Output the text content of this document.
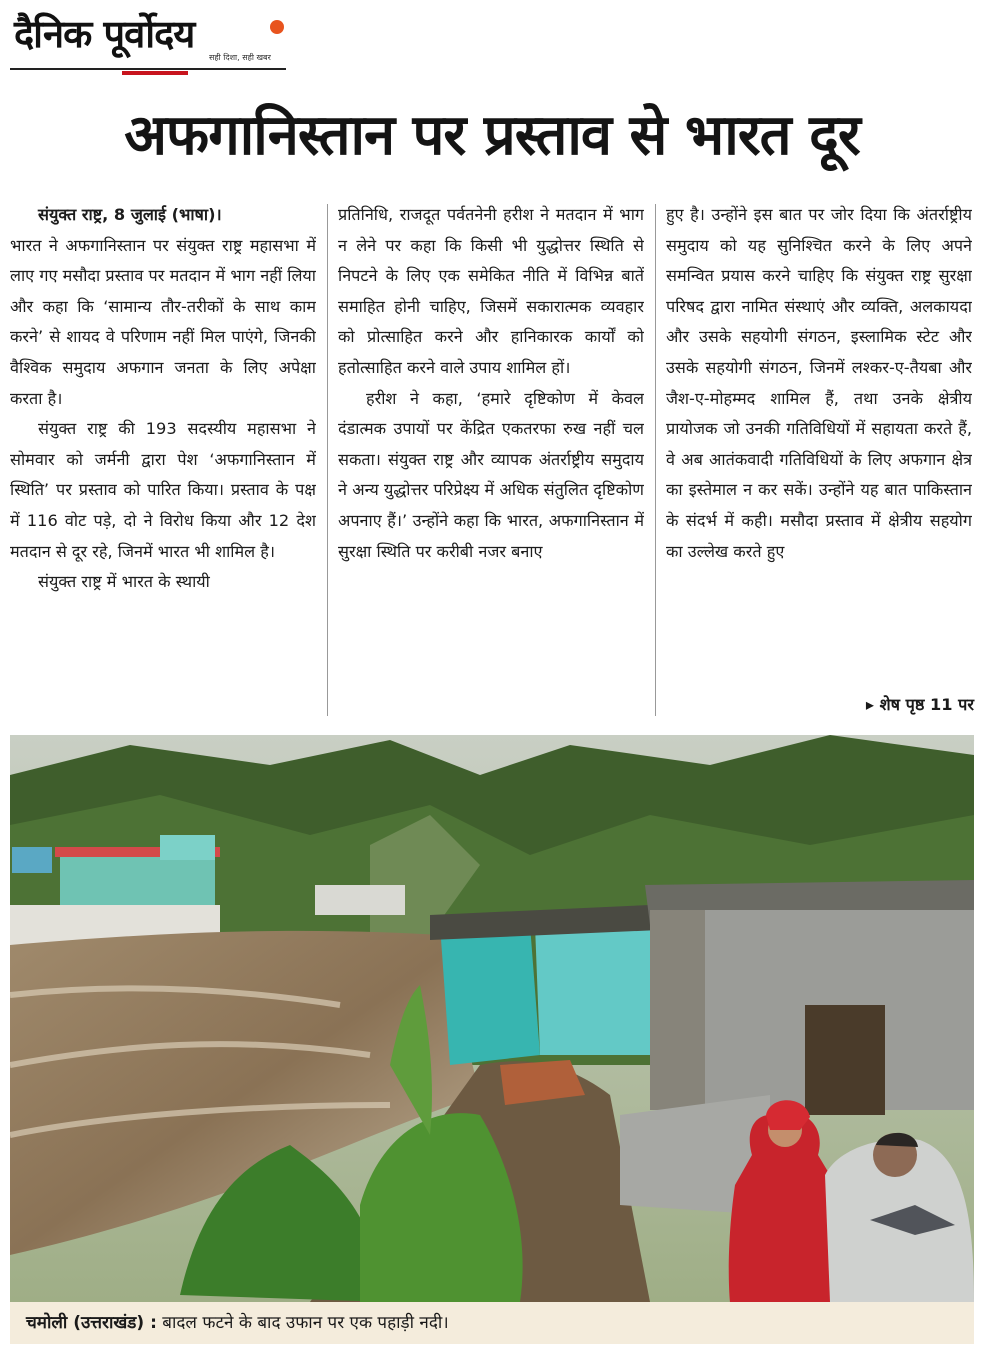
दैनिक पूर्वोदय
सही दिशा, सही खबर
अफगानिस्तान पर प्रस्ताव से भारत दूर

संयुक्त राष्ट्र, 8 जुलाई (भाषा)।

भारत ने अफगानिस्तान पर संयुक्त राष्ट्र महासभा में लाए गए मसौदा प्रस्ताव पर मतदान में भाग नहीं लिया और कहा कि ‘सामान्य तौर-तरीकों के साथ काम करने’ से शायद वे परिणाम नहीं मिल पाएंगे, जिनकी वैश्विक समुदाय अफगान जनता के लिए अपेक्षा करता है।

संयुक्त राष्ट्र की 193 सदस्यीय महासभा ने सोमवार को जर्मनी द्वारा पेश ‘अफगानिस्तान में स्थिति’ पर प्रस्ताव को पारित किया। प्रस्ताव के पक्ष में 116 वोट पड़े, दो ने विरोध किया और 12 देश मतदान से दूर रहे, जिनमें भारत भी शामिल है।

संयुक्त राष्ट्र में भारत के स्थायी

प्रतिनिधि, राजदूत पर्वतनेनी हरीश ने मतदान में भाग न लेने पर कहा कि किसी भी युद्धोत्तर स्थिति से निपटने के लिए एक समेकित नीति में विभिन्न बातें समाहित होनी चाहिए, जिसमें सकारात्मक व्यवहार को प्रोत्साहित करने और हानिकारक कार्यों को हतोत्साहित करने वाले उपाय शामिल हों।

हरीश ने कहा, ‘हमारे दृष्टिकोण में केवल दंडात्मक उपायों पर केंद्रित एकतरफा रुख नहीं चल सकता। संयुक्त राष्ट्र और व्यापक अंतर्राष्ट्रीय समुदाय ने अन्य युद्धोत्तर परिप्रेक्ष्य में अधिक संतुलित दृष्टिकोण अपनाए हैं।’ उन्होंने कहा कि भारत, अफगानिस्तान में सुरक्षा स्थिति पर करीबी नजर बनाए

हुए है। उन्होंने इस बात पर जोर दिया कि अंतर्राष्ट्रीय समुदाय को यह सुनिश्चित करने के लिए अपने समन्वित प्रयास करने चाहिए कि संयुक्त राष्ट्र सुरक्षा परिषद द्वारा नामित संस्थाएं और व्यक्ति, अलकायदा और उसके सहयोगी संगठन, इस्लामिक स्टेट और उसके सहयोगी संगठन, जिनमें लश्कर-ए-तैयबा और जैश-ए-मोहम्मद शामिल हैं, तथा उनके क्षेत्रीय प्रायोजक जो उनकी गतिविधियों में सहायता करते हैं, वे अब आतंकवादी गतिविधियों के लिए अफगान क्षेत्र का इस्तेमाल न कर सकें। उन्होंने यह बात पाकिस्तान के संदर्भ में कही। मसौदा प्रस्ताव में क्षेत्रीय सहयोग का उल्लेख करते हुए

▸ शेष पृष्ठ 11 पर
चमोली (उत्तराखंड) : बादल फटने के बाद उफान पर एक पहाड़ी नदी।
